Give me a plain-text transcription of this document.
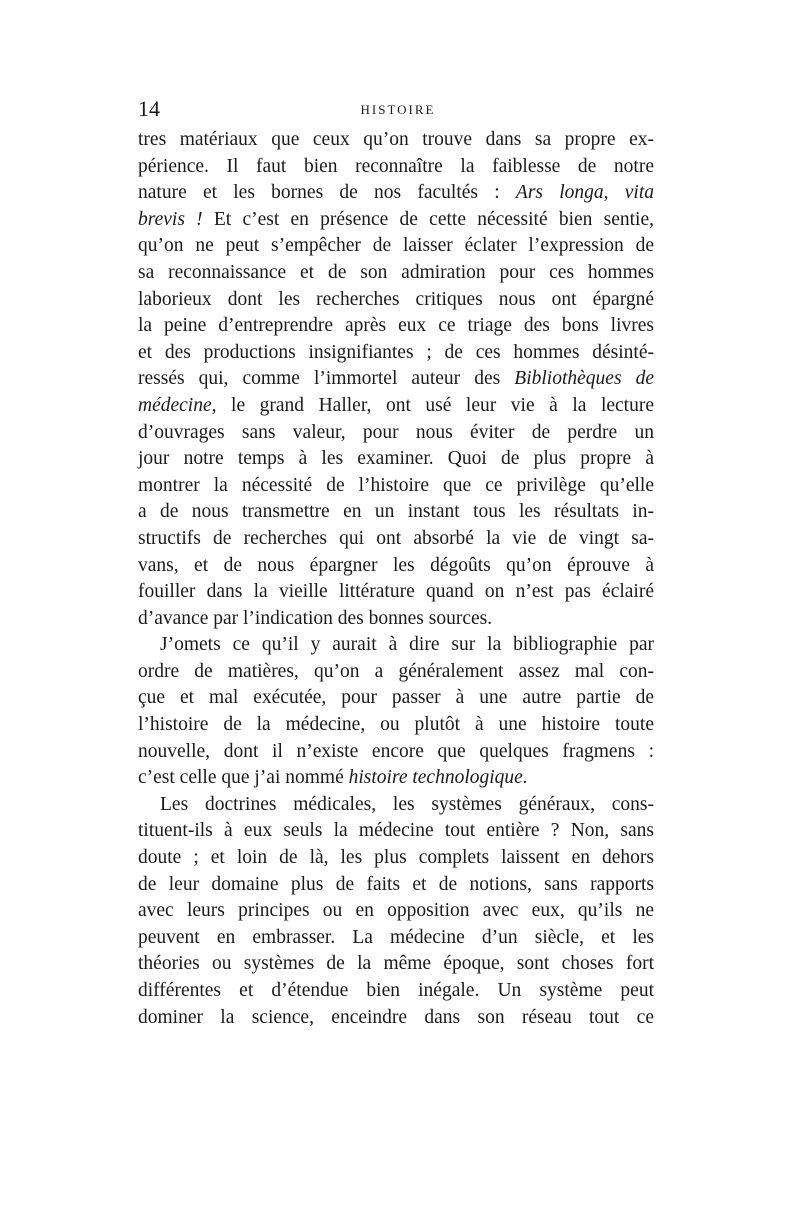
14	HISTOIRE
tres matériaux que ceux qu’on trouve dans sa propre ex-
périence. Il faut bien reconnaître la faiblesse de notre
nature et les bornes de nos facultés : Ars longa, vita
brevis ! Et c’est en présence de cette nécessité bien sentie,
qu’on ne peut s’empêcher de laisser éclater l’expression de
sa reconnaissance et de son admiration pour ces hommes
laborieux dont les recherches critiques nous ont épargné
la peine d’entreprendre après eux ce triage des bons livres
et des productions insignifiantes ; de ces hommes désinté-
ressés qui, comme l’immortel auteur des Bibliothèques de
médecine, le grand Haller, ont usé leur vie à la lecture
d’ouvrages sans valeur, pour nous éviter de perdre un
jour notre temps à les examiner. Quoi de plus propre à
montrer la nécessité de l’histoire que ce privilège qu’elle
a de nous transmettre en un instant tous les résultats in-
structifs de recherches qui ont absorbé la vie de vingt sa-
vans, et de nous épargner les dégoûts qu’on éprouve à
fouiller dans la vieille littérature quand on n’est pas éclairé
d’avance par l’indication des bonnes sources.
J’omets ce qu’il y aurait à dire sur la bibliographie par
ordre de matières, qu’on a généralement assez mal con-
çue et mal exécutée, pour passer à une autre partie de
l’histoire de la médecine, ou plutôt à une histoire toute
nouvelle, dont il n’existe encore que quelques fragmens :
c’est celle que j’ai nommé histoire technologique.
Les doctrines médicales, les systèmes généraux, cons-
tituent-ils à eux seuls la médecine tout entière ? Non, sans
doute ; et loin de là, les plus complets laissent en dehors
de leur domaine plus de faits et de notions, sans rapports
avec leurs principes ou en opposition avec eux, qu’ils ne
peuvent en embrasser. La médecine d’un siècle, et les
théories ou systèmes de la même époque, sont choses fort
différentes et d’étendue bien inégale. Un système peut
dominer la science, enceindre dans son réseau tout ce
